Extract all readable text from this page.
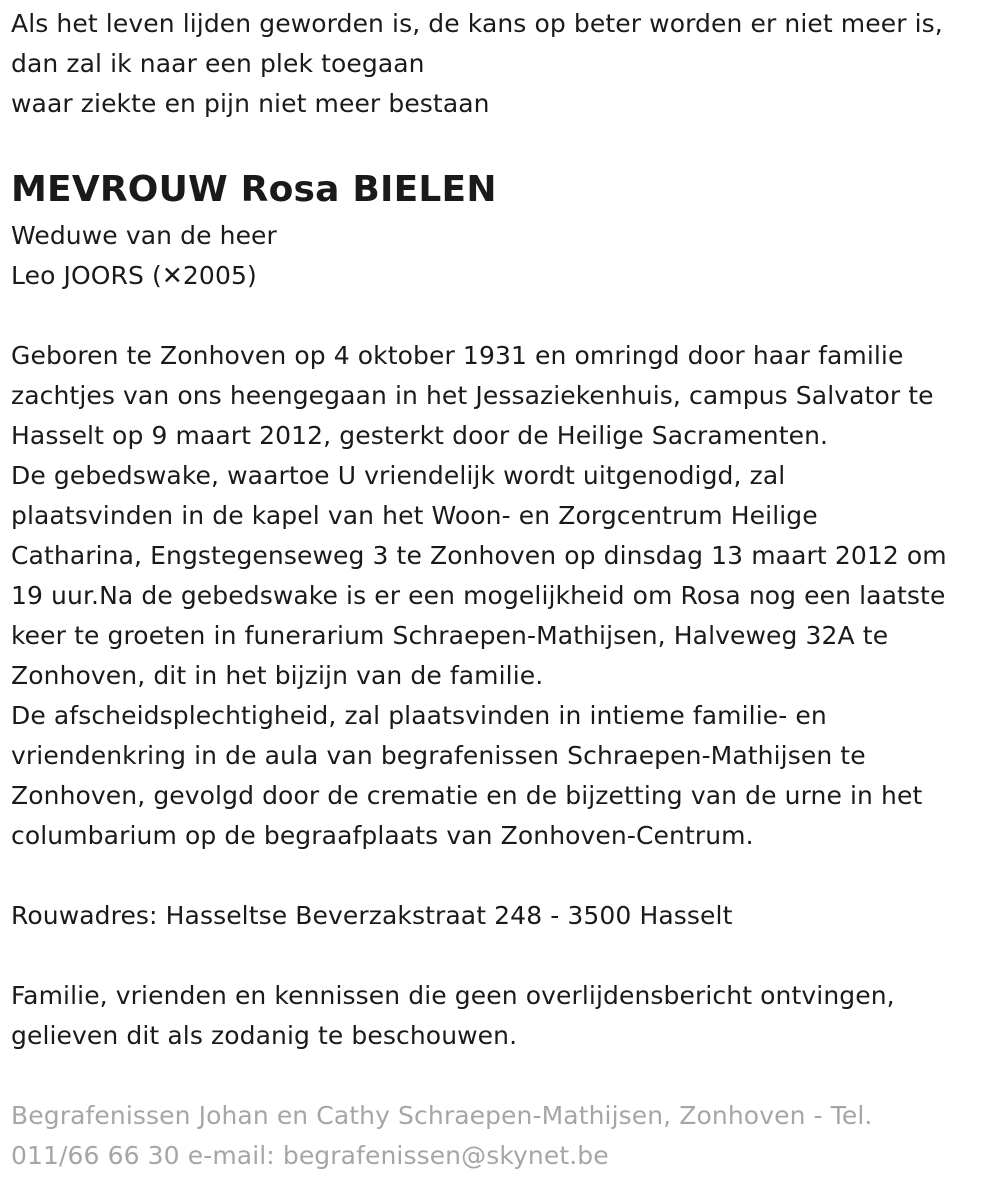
Als het leven lijden geworden is, de kans op beter worden er niet meer is,
dan zal ik naar een plek toegaan
waar ziekte en pijn niet meer bestaan
MEVROUW Rosa BIELEN
Weduwe van de heer
Leo JOORS (✕2005)
Geboren te Zonhoven op 4 oktober 1931 en omringd door haar familie
zachtjes van ons heengegaan in het Jessaziekenhuis, campus Salvator te
Hasselt op 9 maart 2012, gesterkt door de Heilige Sacramenten.
De gebedswake, waartoe U vriendelijk wordt uitgenodigd, zal
plaatsvinden in de kapel van het Woon- en Zorgcentrum Heilige
Catharina, Engstegenseweg 3 te Zonhoven op dinsdag 13 maart 2012 om
19 uur.Na de gebedswake is er een mogelijkheid om Rosa nog een laatste
keer te groeten in funerarium Schraepen-Mathijsen, Halveweg 32A te
Zonhoven, dit in het bijzijn van de familie.
De afscheidsplechtigheid, zal plaatsvinden in intieme familie- en
vriendenkring in de aula van begrafenissen Schraepen-Mathijsen te
Zonhoven, gevolgd door de crematie en de bijzetting van de urne in het
columbarium op de begraafplaats van Zonhoven-Centrum.
Rouwadres: Hasseltse Beverzakstraat 248 - 3500 Hasselt
Familie, vrienden en kennissen die geen overlijdensbericht ontvingen,
gelieven dit als zodanig te beschouwen.
Begrafenissen Johan en Cathy Schraepen-Mathijsen, Zonhoven - Tel.
011/66 66 30 e-mail: begrafenissen@skynet.be
